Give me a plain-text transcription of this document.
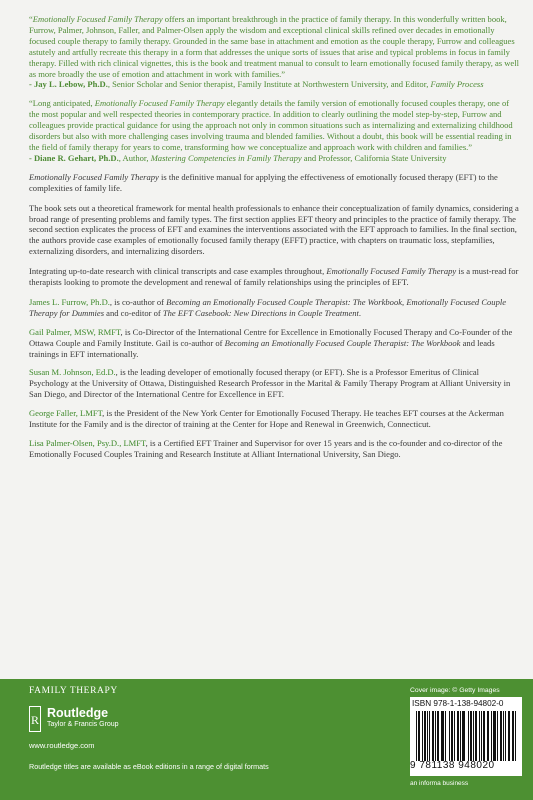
“Emotionally Focused Family Therapy offers an important breakthrough in the practice of family therapy. In this wonderfully written book, Furrow, Palmer, Johnson, Faller, and Palmer-Olsen apply the wisdom and exceptional clinical skills refined over decades in emotionally focused couple therapy to family therapy. Grounded in the same base in attachment and emotion as the couple therapy, Furrow and colleagues astutely and artfully recreate this therapy in a form that addresses the unique sorts of issues that arise and typical problems in focus in family therapy. Filled with rich clinical vignettes, this is the book and treatment manual to consult to learn emotionally focused family therapy, as well as more broadly the use of emotion and attachment in work with families.”
- Jay L. Lebow, Ph.D., Senior Scholar and Senior therapist, Family Institute at Northwestern University, and Editor, Family Process
“Long anticipated, Emotionally Focused Family Therapy elegantly details the family version of emotionally focused couples therapy, one of the most popular and well respected theories in contemporary practice. In addition to clearly outlining the model step-by-step, Furrow and colleagues provide practical guidance for using the approach not only in common situations such as internalizing and externalizing childhood disorders but also with more challenging cases involving trauma and blended families. Without a doubt, this book will be essential reading in the field of family therapy for years to come, transforming how we conceptualize and approach work with children and families.”
- Diane R. Gehart, Ph.D., Author, Mastering Competencies in Family Therapy and Professor, California State University

Emotionally Focused Family Therapy is the definitive manual for applying the effectiveness of emotionally focused therapy (EFT) to the complexities of family life.

The book sets out a theoretical framework for mental health professionals to enhance their conceptualization of family dynamics, considering a broad range of presenting problems and family types. The first section applies EFT theory and principles to the practice of family therapy. The second section explicates the process of EFT and examines the interventions associated with the EFT approach to families. In the final section, the authors provide case examples of emotionally focused family therapy (EFFT) practice, with chapters on traumatic loss, stepfamilies, externalizing disorders, and internalizing disorders.

Integrating up-to-date research with clinical transcripts and case examples throughout, Emotionally Focused Family Therapy is a must-read for therapists looking to promote the development and renewal of family relationships using the principles of EFT.

James L. Furrow, Ph.D., is co-author of Becoming an Emotionally Focused Couple Therapist: The Workbook, Emotionally Focused Couple Therapy for Dummies and co-editor of The EFT Casebook: New Directions in Couple Treatment.

Gail Palmer, MSW, RMFT, is Co-Director of the International Centre for Excellence in Emotionally Focused Therapy and Co-Founder of the Ottawa Couple and Family Institute. Gail is co-author of Becoming an Emotionally Focused Couple Therapist: The Workbook and leads trainings in EFT internationally.

Susan M. Johnson, Ed.D., is the leading developer of emotionally focused therapy (or EFT). She is a Professor Emeritus of Clinical Psychology at the University of Ottawa, Distinguished Research Professor in the Marital & Family Therapy Program at Alliant University in San Diego, and Director of the International Centre for Excellence in EFT.

George Faller, LMFT, is the President of the New York Center for Emotionally Focused Therapy. He teaches EFT courses at the Ackerman Institute for the Family and is the director of training at the Center for Hope and Renewal in Greenwich, Connecticut.

Lisa Palmer-Olsen, Psy.D., LMFT, is a Certified EFT Trainer and Supervisor for over 15 years and is the co-founder and co-director of the Emotionally Focused Couples Training and Research Institute at Alliant International University, San Diego.

FAMILY THERAPY	Cover image: © Getty Images
R Routledge
Taylor & Francis Group
www.routledge.com
Routledge titles are available as eBook editions in a range of digital formats
ISBN 978-1-138-94802-0
9 781138 948020
an informa business
